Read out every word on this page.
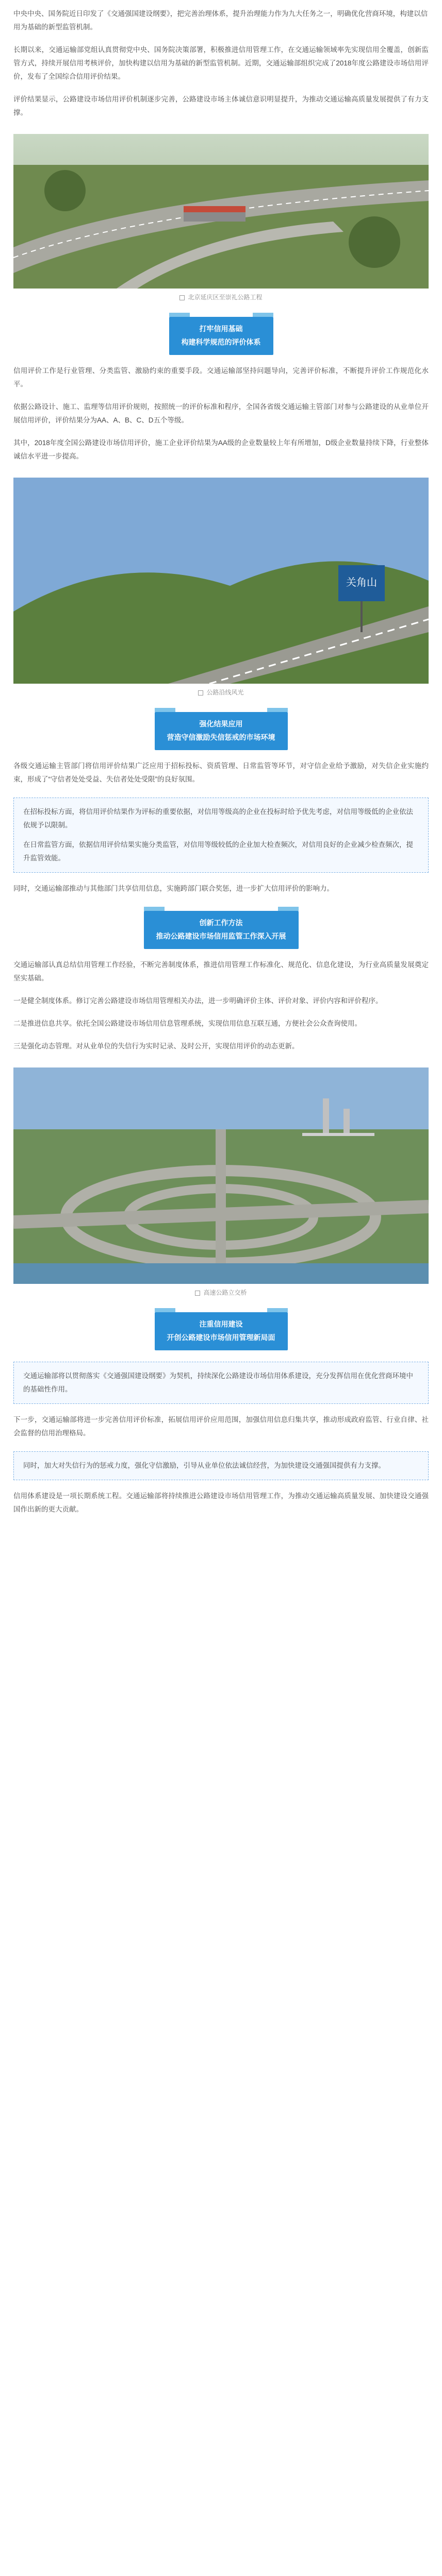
中央中央、国务院近日印发了《交通强国建设纲要》，把完善治理体系，提升治理能力作为九大任务之一，明确优化营商环境，构建以信用为基础的新型监管机制。

长期以来，交通运输部党组认真贯彻党中央、国务院决策部署，积极推进信用管理工作，在交通运输领域率先实现信用全覆盖，创新监管方式，持续开展信用考核评价，加快构建以信用为基础的新型监管机制。近期，交通运输部组织完成了2018年度公路建设市场信用评价，发布了全国综合信用评价结果。

评价结果显示，公路建设市场信用评价机制逐步完善，公路建设市场主体诚信意识明显提升，为推动交通运输高质量发展提供了有力支撑。

北京延庆区至崇礼公路工程

打牢信用基础
构建科学规范的评价体系

信用评价工作是行业管理、分类监管、激励约束的重要手段。交通运输部坚持问题导向，完善评价标准，不断提升评价工作规范化水平。

依据公路设计、施工、监理等信用评价规则，按照统一的评价标准和程序，全国各省级交通运输主管部门对参与公路建设的从业单位开展信用评价，评价结果分为AA、A、B、C、D五个等级。

其中，2018年度全国公路建设市场信用评价，施工企业评价结果为AA级的企业数量较上年有所增加，D级企业数量持续下降，行业整体诚信水平进一步提高。

关角山

公路沿线风光

强化结果应用
营造守信激励失信惩戒的市场环境

各级交通运输主管部门将信用评价结果广泛应用于招标投标、资质管理、日常监管等环节，对守信企业给予激励，对失信企业实施约束，形成了“守信者处处受益、失信者处处受限”的良好氛围。

在招标投标方面，将信用评价结果作为评标的重要依据，对信用等级高的企业在投标时给予优先考虑，对信用等级低的企业依法依规予以限制。

在日常监管方面，依据信用评价结果实施分类监管，对信用等级较低的企业加大检查频次，对信用良好的企业减少检查频次，提升监管效能。

同时，交通运输部推动与其他部门共享信用信息，实施跨部门联合奖惩，进一步扩大信用评价的影响力。

创新工作方法
推动公路建设市场信用监管工作深入开展

交通运输部认真总结信用管理工作经验，不断完善制度体系，推进信用管理工作标准化、规范化、信息化建设，为行业高质量发展奠定坚实基础。

一是健全制度体系。修订完善公路建设市场信用管理相关办法，进一步明确评价主体、评价对象、评价内容和评价程序。

二是推进信息共享。依托全国公路建设市场信用信息管理系统，实现信用信息互联互通，方便社会公众查询使用。

三是强化动态管理。对从业单位的失信行为实时记录、及时公开，实现信用评价的动态更新。

高速公路立交桥

注重信用建设
开创公路建设市场信用管理新局面

交通运输部将以贯彻落实《交通强国建设纲要》为契机，持续深化公路建设市场信用体系建设，充分发挥信用在优化营商环境中的基础性作用。

下一步，交通运输部将进一步完善信用评价标准，拓展信用评价应用范围，加强信用信息归集共享，推动形成政府监管、行业自律、社会监督的信用治理格局。

同时，加大对失信行为的惩戒力度，强化守信激励，引导从业单位依法诚信经营，为加快建设交通强国提供有力支撑。

信用体系建设是一项长期系统工程。交通运输部将持续推进公路建设市场信用管理工作，为推动交通运输高质量发展、加快建设交通强国作出新的更大贡献。
